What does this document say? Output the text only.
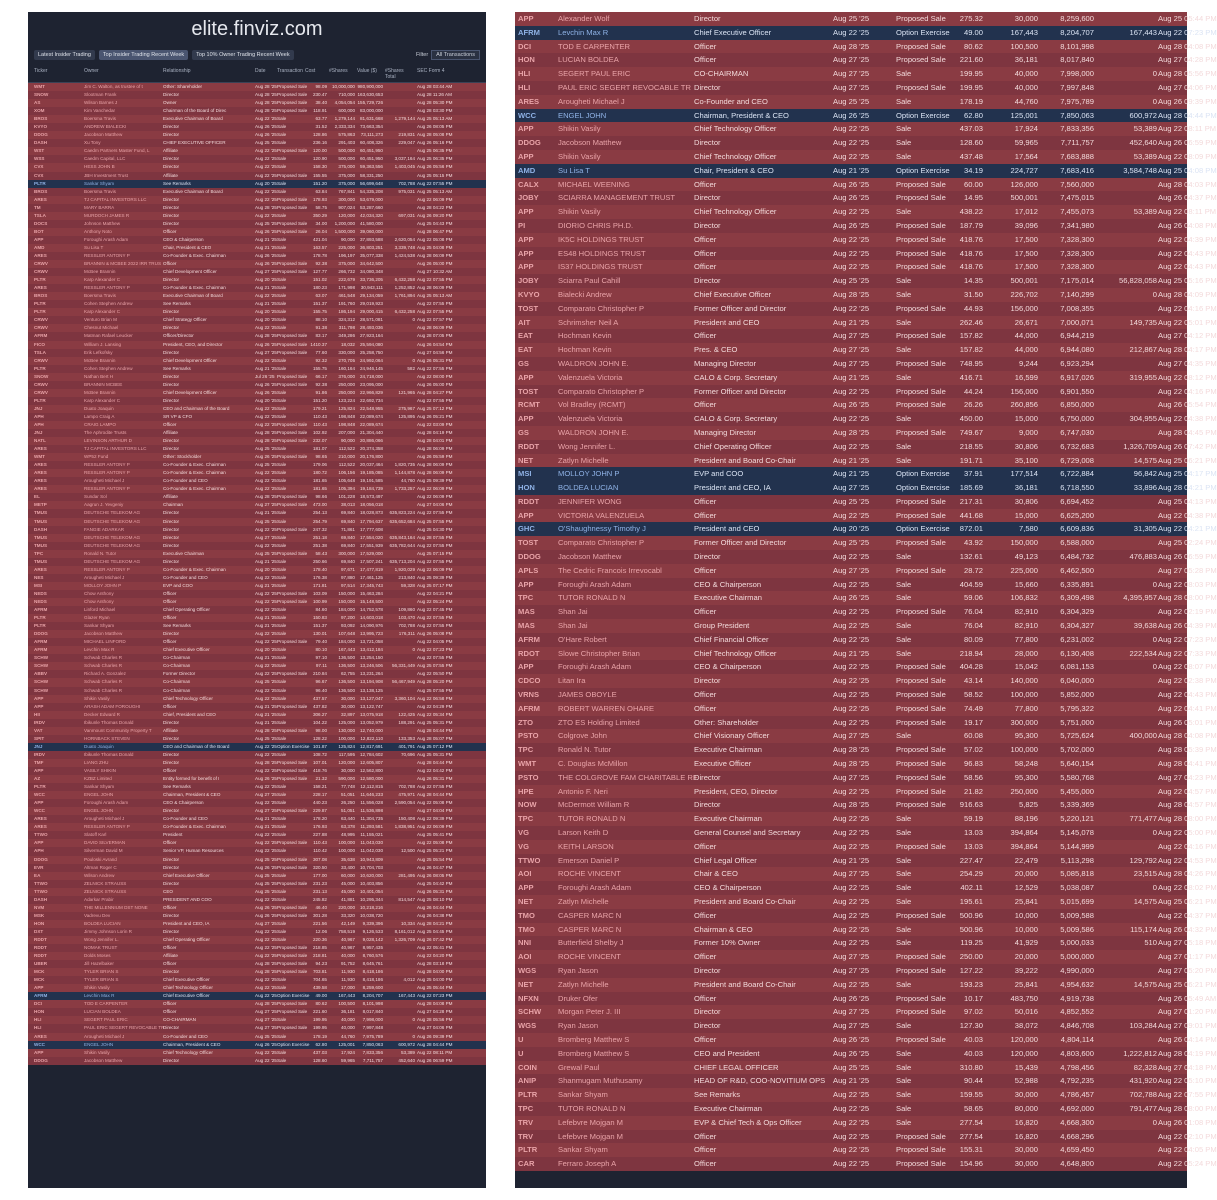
elite.finviz.com
Latest Insider Trading	Top Insider Trading Recent Week	Top 10% Owner Trading Recent Week	Filter	All Transactions
Ticker	Owner	Relationship	Date	Transaction Cost	#Shares	Value ($)	#Shares Total
SEC Form 4
WMT	Jim C. Walton, as trustee of t	Other: Shareholder	Aug 28 '25 Proposed Sale	98.09	10,000,000 980,900,000	Aug 28 03:44 AM
SNOW	Slootman Frank	Director	Aug 28 '25 Proposed Sale	230.47	710,000 163,630,653	Aug 28 11:26 AM
AS	Wilson Barnes J	Owner	Aug 28 '25 Proposed Sale	38.40	4,054,054 155,729,726	Aug 28 05:30 PM
XOM	Kim Vanchedar	Chairman of the Board of Direc	Aug 28 '25 Proposed Sale	118.91	600,000	83,000,000	Aug 28 03:30 PM
BROS	Boersma Travis	Executive Chairman of Board	Aug 22 '25 Sale	63.77	1,279,144	81,631,668	1,279,144 Aug 25 05:13 AM
KVYO	ANDREW BIALECKI	Director	Aug 26 '25 Sale	31.52	2,333,334	73,663,354	Aug 26 08:05 PM
DDOG	Jacobson Matthew	Director	Aug 26 '25 Sale	128.86	575,863	73,111,273	219,831 Aug 28 05:08 PM
DASH	Xu Tony	CHIEF EXECUTIVE OFFICER	Aug 25 '25 Sale	236.16	291,403	60,408,326	229,047 Aug 26 05:16 PM
WST	Caedm Partners Master Fund, L	Affiliate	Aug 22 '25 Proposed Sale	120.00	500,000	60,451,950	Aug 25 06:35 PM
WSS	Caedm Capital, LLC	Director	Aug 22 '25 Sale	120.90	500,000	60,451,950	3,037,164 Aug 25 06:35 PM
CVX	HESS JOHN B	Director	Aug 22 '25 Sale	158.30	375,000	59,363,556	1,403,045 Aug 26 05:56 PM
CVX	JBH Investment Trust	Affiliate	Aug 22 '25 Proposed Sale	155.55	375,000	58,331,250	Aug 25 05:15 PM
PLTR	Sankar Shyam	See Remarks	Aug 20 '25 Sale	151.20	375,000	56,699,648	702,788 Aug 22 07:55 PM
BROS	Boersma Travis	Executive Chairman of Board	Aug 22 '25 Sale	63.84	767,841	54,335,208	975,031 Aug 25 05:13 AM
ARES	TJ CAPITAL INVESTORS LLC	Director	Aug 22 '25 Proposed Sale	178.93	300,000	53,679,000	Aug 22 06:09 PM
TM	MARY BARRA	Director	Aug 28 '25 Proposed Sale	58.75	907,024	53,287,660	Aug 28 04:22 PM
TSLA	MURDOCH JAMES R	Director	Aug 22 '25 Sale	350.29	120,000	42,034,320	697,031 Aug 26 09:20 PM
DOCS	Johnson Matthew	Director	Aug 25 '25 Proposed Sale	34.00	1,200,000	41,580,000	Aug 25 04:43 PM
BOT	Anthony Noto	Officer	Aug 26 '25 Proposed Sale	26.04	1,500,000	39,060,000	Aug 28 06:47 PM
APP	Foroughi Arash Adam	CEO & Chairperson	Aug 21 '25 Sale	421.04	90,000	37,893,588	2,620,054 Aug 22 05:08 PM
AMD	Su Lisa T	Chair, President & CEO	Aug 21 '25 Sale	163.57	225,000	36,803,251	3,339,748 Aug 25 04:08 PM
ARES	RESSLER ANTONY P	Co-Founder & Exec. Chairman	Aug 26 '25 Sale	178.78	196,197	35,077,338	1,424,538 Aug 28 06:09 PM
CRWV	BRANNIN & MCBEE 2022 IRR TRUS Officer	Aug 26 '25 Proposed Sale	92.38	375,000	34,642,500	Aug 26 05:00 PM
CRWV	McBee Brannin	Chief Development Officer	Aug 27 '25 Proposed Sale	127.77	266,732	34,080,348	Aug 27 10:32 AM
PLTR	Karp Alexander C	Director	Aug 20 '25 Sale	151.02	222,679	33,736,205	6,432,258 Aug 22 07:55 PM
ARES	RESSLER ANTONY P	Co-Founder & Exec. Chairman	Aug 21 '25 Sale	180.23	171,998	30,943,111	1,252,852 Aug 28 06:09 PM
BROS	Boersma Travis	Executive Chairman of Board	Aug 22 '25 Sale	63.07	461,548	29,134,059	1,761,894 Aug 25 05:13 AM
PLTR	Cohen Stephen Andrew	See Remarks	Aug 21 '25 Sale	151.37	191,760	29,019,923	Aug 22 07:55 PM
PLTR	Karp Alexander C	Director	Aug 20 '25 Sale	155.75	186,194	29,000,415	6,432,258 Aug 22 07:55 PM
CRWV	Venturo Brian M	Chief Strategy Officer	Aug 20 '25 Sale	88.10	324,312	28,571,081	0 Aug 22 07:57 PM
CRWV	Chesnut Michael	Director	Aug 22 '25 Sale	91.38	311,798	28,493,036	Aug 28 06:09 PM
AFRM	Matman Rafael Leucker	Officer/Director	Aug 28 '25 Proposed Sale	83.17	349,286	27,923,164	Aug 28 07:05 PM
FICO	William J. Lansing	President, CEO, and Director	Aug 26 '25 Proposed Sale 1410.37	18,032	25,594,080	Aug 26 04:54 PM
TSLA	Erik Lefkofsky	Director	Aug 27 '25 Proposed Sale	77.60	330,000	25,258,750	Aug 27 04:56 PM
CRWV	McBee Brannin	Chief Development Officer	Aug 22 '25 Sale	92.32	270,705	24,992,064	0 Aug 26 05:31 PM
PLTR	Cohen Stephen Andrew	See Remarks	Aug 21 '25 Sale	155.75	160,164	24,946,145	582 Aug 22 07:55 PM
SNOW	Nathan Bert H	Director	Jul 26 '25 Proposed Sale	66.17	376,000	24,718,000	Aug 22 08:00 PM
CRWV	BRANNIN MCBEE	Director	Aug 26 '25 Proposed Sale	92.38	250,000	23,095,000	Aug 26 05:00 PM
CRWV	McBee Brannin	Chief Development Officer	Aug 26 '25 Sale	91.86	250,000	22,966,829	121,965 Aug 28 04:27 PM
PLTR	Karp Alexander C	Director	Aug 20 '25 Sale	151.20	123,224	22,692,734	Aug 22 07:55 PM
JNJ	Duato Joaquin	CEO and Chairman of the Board	Aug 22 '25 Sale	179.21	125,824	22,548,955	275,967 Aug 25 07:12 PM
APH	Lampo Craig A	SR VP & CFO	Aug 22 '25 Sale	110.43	198,848	22,089,674	125,895 Aug 26 05:21 PM
APH	CRAIG LAMPO	Officer	Aug 22 '25 Proposed Sale	110.43	198,848	22,089,674	Aug 22 03:09 PM
JNJ	The Aphrodite Trusts	Affiliate	Aug 28 '25 Proposed Sale	102.92	207,000	21,304,440	Aug 28 04:19 PM
NATL	LEVINSON ARTHUR D	Director	Aug 28 '25 Proposed Sale	232.07	90,000	20,886,066	Aug 28 04:01 PM
ARES	TJ CAPITAL INVESTORS LLC	Director	Aug 25 '25 Sale	181.07	112,522	20,374,358	Aug 28 06:09 PM
WMT	WP52 Fund	Other: Stockholder	Aug 26 '25 Proposed Sale	98.65	210,000	20,176,800	Aug 26 05:59 PM
ARES	RESSLER ANTONY P	Co-Founder & Exec. Chairman	Aug 25 '25 Sale	179.06	112,522	20,037,464	1,820,735 Aug 28 06:09 PM
ARES	RESSLER ANTONY P	Co-Founder & Exec. Chairman	Aug 22 '25 Sale	180.72	106,156	19,185,085	1,144,878 Aug 28 06:09 PM
ARES	Arougheti Michael J	Co-Founder and CEO	Aug 22 '25 Sale	181.65	105,648	19,191,585	44,760 Aug 25 09:39 PM
ARES	RESSLER ANTONY P	Co-Founder & Exec. Chairman	Aug 22 '25 Sale	181.65	105,394	19,184,739	1,733,257 Aug 22 06:09 PM
EL	Sundar Sol	Affiliate	Aug 28 '25 Proposed Sale	98.66	101,228	18,573,497	Aug 22 06:09 PM
METP	Aagrun J. Yevgeniy	Chairman	Aug 27 '25 Proposed Sale	473.00	38,013	18,056,018	Aug 27 04:06 PM
TMUS	DEUTSCHE TELEKOM AG	Director	Aug 21 '25 Sale	254.13	69,840	18,028,873	635,823,224 Aug 22 07:55 PM
TMUS	DEUTSCHE TELEKOM AG	Director	Aug 25 '25 Sale	254.79	69,840	17,794,637	635,652,684 Aug 25 07:55 PM
DASH	FANGIE ADARKAR	Director	Aug 22 '25 Proposed Sale	247.32	71,861	17,777,608	Aug 25 04:30 PM
TMUS	DEUTSCHE TELEKOM AG	Director	Aug 27 '25 Sale	251.18	69,840	17,554,020	635,843,164 Aug 28 07:55 PM
TMUS	DEUTSCHE TELEKOM AG	Director	Aug 22 '25 Sale	251.38	69,840	17,551,939	635,782,644 Aug 22 07:55 PM
TPC	Ronald N. Tutor	Executive Chairman	Aug 25 '25 Proposed Sale	58.43	300,000	17,529,000	Aug 25 07:15 PM
TMUS	DEUTSCHE TELEKOM AG	Director	Aug 21 '25 Sale	250.66	69,840	17,507,241	635,713,204 Aug 22 07:55 PM
ARES	RESSLER ANTONY P	Co-Founder & Exec. Chairman	Aug 20 '25 Sale	178.40	97,671	17,477,819	1,920,029 Aug 22 06:09 PM
NES	Arougheti Michael J	Co-Founder and CEO	Aug 22 '25 Sale	176.38	97,880	17,461,125	213,840 Aug 25 09:39 PM
MSI	MOLLOY JOHN P	EVP and COO	Aug 21 '25 Sale	171.81	97,514	17,345,743	59,328 Aug 25 07:17 PM
NEDS	Chow Anthony	Officer	Aug 22 '25 Proposed Sale	103.09	150,000	15,463,284	Aug 22 04:21 PM
NEDS	Chow Anthony	Officer	Aug 22 '25 Proposed Sale	100.99	150,000	15,148,500	Aug 22 05:24 PM
AFRM	Linford Michael	Chief Operating Officer	Aug 22 '25 Sale	84.60	184,000	14,752,578	109,860 Aug 22 07:45 PM
PLTR	Glazer Ryan	Officer	Aug 21 '25 Sale	150.83	97,200	14,603,018	103,470 Aug 22 07:55 PM
PLTR	Sankar Shyam	See Remarks	Aug 21 '25 Sale	151.37	93,092	14,090,976	702,788 Aug 22 07:55 PM
DDOG	Jacobson Matthew	Director	Aug 22 '25 Sale	130.01	107,648	13,995,723	176,311 Aug 26 05:08 PM
AFRM	MICHAEL LINFORD	Officer	Aug 22 '25 Proposed Sale	79.40	184,000	13,721,058	Aug 22 04:05 PM
AFRM	Levchin Max R	Chief Executive Officer	Aug 20 '25 Sale	80.10	167,443	13,412,184	0 Aug 22 07:23 PM
SCHW	Schwab Charles R	Co-Chairman	Aug 21 '25 Sale	97.10	136,500	13,254,150	Aug 22 07:55 PM
SCHW	Schwab Charles R	Co-Chairman	Aug 22 '25 Sale	97.11	136,500	13,246,506	56,331,449 Aug 25 07:55 PM
ABBV	Richard A. Gonzalez	Former Director	Aug 22 '25 Proposed Sale	210.84	62,755	13,231,264	Aug 22 05:50 PM
SCHW	Schwab Charles R	Co-Chairman	Aug 25 '25 Sale	96.67	136,500	13,194,908	56,467,949 Aug 28 05:20 PM
SCHW	Schwab Charles R	Co-Chairman	Aug 22 '25 Sale	96.40	136,500	13,138,125	Aug 25 07:55 PM
APP	Shikin Vasily	Chief Technology Officer	Aug 22 '25 Sale	437.57	30,000	13,127,047	3,360,104 Aug 22 06:58 PM
APP	ARASH ADAM FOROUGHI	Officer	Aug 21 '25 Proposed Sale	437.82	30,000	13,122,747	Aug 22 04:29 PM
HII	Decker Edward R	Chief, President and CEO	Aug 21 '25 Sale	306.27	32,897	13,075,918	122,425 Aug 22 05:34 PM
IRDV	Ibikunle Thomas Donald	Director	Aug 21 '25 Sale	104.22	125,000	13,052,979	188,291 Aug 25 05:31 PM
VAT	Vanmount Community Property T	Affiliate	Aug 28 '25 Proposed Sale	98.00	130,000	12,740,000	Aug 28 04:44 PM
SPIT	HORNBACK STEVEN	Director	Aug 25 '25 Sale	128.22	100,000	12,822,110	133,353 Aug 28 05:07 PM
JNJ	Duato Joaquin	CEO and Chairman of the Board	Aug 22 '25 Option Exercise 101.87	125,824	12,817,691	401,791 Aug 25 07:12 PM
IRDV	Ibikunle Thomas Donald	Director	Aug 22 '25 Sale	108.72	117,595	12,784,602	70,696 Aug 25 05:31 PM
TMF	LIANG ZHU	Director	Aug 28 '25 Proposed Sale	107.01	120,000	12,605,807	Aug 28 04:44 PM
APP	VASILY SHIKIN	Officer	Aug 22 '25 Proposed Sale	418.76	30,000	12,562,800	Aug 22 04:42 PM
AZ	KZBZ Limited	Entity formed for benefit of I	Aug 26 '25 Proposed Sale	21.32	590,000	12,580,000	Aug 26 05:31 PM
PLTR	Sankar Shyam	See Remarks	Aug 22 '25 Sale	158.21	77,748	12,112,815	702,788 Aug 22 07:55 PM
WCC	ENGEL JOHN	Chairman, President & CEO	Aug 27 '25 Sale	228.17	51,051	11,646,233	475,971 Aug 28 04:44 PM
APP	Foroughi Arash Adam	CEO & Chairperson	Aug 22 '25 Sale	440.23	26,250	11,556,028	2,590,054 Aug 22 05:08 PM
WCC	ENGEL JOHN	Director	Aug 27 '25 Proposed Sale	229.87	51,051	11,536,898	Aug 27 04:04 PM
ARES	Arougheti Michael J	Co-Founder and CEO	Aug 21 '25 Sale	178.20	63,440	11,304,735	150,408 Aug 22 09:39 PM
ARES	RESSLER ANTONY P	Co-Founder & Exec. Chairman	Aug 21 '25 Sale	176.93	63,378	11,293,581	1,838,951 Aug 22 06:09 PM
TTWO	Slatoff Karl	President	Aug 22 '25 Sale	227.88	48,995	11,155,021	Aug 25 05:41 PM
APP	DAVID SILVERMAN	Officer	Aug 22 '25 Proposed Sale	110.43	100,000	11,043,030	Aug 22 05:08 PM
APH	Silverman David M	Senior VP, Human Resources	Aug 22 '25 Sale	110.42	100,000	11,042,030	12,500 Aug 25 05:21 PM
DDOG	Pouloski Avrand	Director	Aug 25 '25 Proposed Sale	307.08	35,638	10,943,809	Aug 25 05:54 PM
EVR	Altman Roger C	Director	Aug 26 '25 Proposed Sale	320.50	33,400	10,704,703	Aug 26 04:47 PM
EA	Wilson Andrew	Chief Executive Officer	Aug 25 '25 Sale	177.00	60,000	10,620,000	281,495 Aug 26 08:05 PM
TTWO	ZELNICK STRAUSS	Director	Aug 25 '25 Proposed Sale	231.23	45,000	10,403,856	Aug 25 04:42 PM
TTWO	ZELNICK STRAUSS	CEO	Aug 25 '25 Sale	231.13	45,000	10,401,054	Aug 26 05:31 PM
DASH	Adarkar Prabir	PRESIDENT AND COO	Aug 22 '25 Sale	245.82	41,881	10,295,344	814,547 Aug 25 08:10 PM
NVM	THE MILLENNIUM DST NONE	Officer	Aug 26 '25 Proposed Sale	46.40	220,000	10,218,216	Aug 26 04:44 PM
MSK	Vadrevu Dev	Director	Aug 26 '25 Proposed Sale	301.28	33,320	10,038,720	Aug 26 04:38 PM
HON	BOLDEA LUCIAN	President and CEO, IA	Aug 27 '25 Sale	221.56	42,149	9,339,396	10,334 Aug 28 04:21 PM
DXT	Jimmy Johnson Lorin R	Director	Aug 22 '25 Sale	12.06	758,519	9,126,533	8,161,012 Aug 25 04:45 PM
RDDT	Wong Jennifer L.	Chief Operating Officer	Aug 22 '25 Sale	220.36	40,967	9,028,142	1,326,709 Aug 26 07:42 PM
RDDT	NOMAK TRUST	Officer	Aug 22 '25 Proposed Sale	218.85	40,967	8,957,435	Aug 22 05:41 PM
RDDT	Dolds Moses	Affiliate	Aug 22 '25 Proposed Sale	218.81	40,000	8,760,576	Aug 22 04:20 PM
UBER	Jill Hazelbaker	Officer	Aug 28 '25 Proposed Sale	94.23	91,752	8,645,761	Aug 28 03:18 PM
MCK	TYLER BRIAN S	Director	Aug 28 '25 Proposed Sale	703.81	11,930	8,418,186	Aug 28 04:00 PM
MCK	TYLER BRIAN S	Chief Executive Officer	Aug 22 '25 Sale	704.65	11,930	8,418,186	4,012 Aug 25 04:00 PM
APP	Shikin Vasily	Chief Technology Officer	Aug 22 '25 Sale	439.58	17,000	8,259,600	Aug 25 05:44 PM
AFRM	Levchin Max R	Chief Executive Officer	Aug 22 '25 Option Exercise	49.00	167,443	8,204,707	167,443 Aug 22 07:23 PM
DCI	TOD E CARPENTER	Officer	Aug 28 '25 Proposed Sale	80.62	100,500	8,101,998	Aug 28 04:08 PM
HON	LUCIAN BOLDEA	Officer	Aug 27 '25 Proposed Sale	221.60	36,181	8,017,840	Aug 27 04:28 PM
HLI	SEGERT PAUL ERIC	CO-CHAIRMAN	Aug 27 '25 Sale	199.95	40,000	7,998,000	0 Aug 28 05:56 PM
HLI	PAUL ERIC SEGERT REVOCABLE TR
Director	Aug 27 '25 Proposed Sale	199.95	40,000	7,997,848	Aug 27 04:06 PM
ARES	Arougheti Michael J	Co-Founder and CEO	Aug 25 '25 Sale	178.19	44,760	7,975,789	0 Aug 26 09:39 PM
WCC	ENGEL JOHN	Chairman, President & CEO	Aug 26 '25 Option Exercise	62.80	125,001	7,850,063	600,972 Aug 28 04:44 PM
APP	Shikin Vasily	Chief Technology Officer	Aug 22 '25 Sale	437.03	17,924	7,833,356	53,389 Aug 22 08:11 PM
DDOG	Jacobson Matthew	Director	Aug 22 '25 Sale	128.60	59,965	7,711,757	452,640 Aug 26 06:59 PM
APP	Alexander Wolf	Director	Aug 25 '25	Proposed Sale	275.32	30,000	8,259,600	Aug 25 05:44 PM
AFRM	Levchin Max R	Chief Executive Officer	Aug 22 '25	Option Exercise	49.00	167,443	8,204,707	167,443 Aug 22 07:23 PM
DCI	TOD E CARPENTER	Officer	Aug 28 '25	Proposed Sale	80.62	100,500	8,101,998	Aug 28 04:08 PM
HON	LUCIAN BOLDEA	Officer	Aug 27 '25	Proposed Sale	221.60	36,181	8,017,840	Aug 27 04:28 PM
HLI	SEGERT PAUL ERIC	CO-CHAIRMAN	Aug 27 '25	Sale	199.95	40,000	7,998,000	0 Aug 28 05:56 PM
HLI	PAUL ERIC SEGERT REVOCABLE TR Director	Aug 27 '25	Proposed Sale	199.95	40,000	7,997,848	Aug 27 04:06 PM
ARES	Arougheti Michael J	Co-Founder and CEO	Aug 25 '25	Sale	178.19	44,760	7,975,789	0 Aug 26 09:39 PM
WCC	ENGEL JOHN	Chairman, President & CEO	Aug 26 '25	Option Exercise	62.80	125,001	7,850,063	600,972 Aug 28 04:44 PM
APP	Shikin Vasily	Chief Technology Officer	Aug 22 '25	Sale	437.03	17,924	7,833,356	53,389 Aug 22 08:11 PM
DDOG	Jacobson Matthew	Director	Aug 22 '25	Sale	128.60	59,965	7,711,757	452,640 Aug 26 06:59 PM
APP	Shikin Vasily	Chief Technology Officer	Aug 22 '25	Sale	437.48	17,564	7,683,888	53,389 Aug 22 08:09 PM
AMD	Su Lisa T	Chair, President & CEO	Aug 21 '25	Option Exercise	34.19	224,727	7,683,416	3,584,748 Aug 25 04:08 PM
CALX	MICHAEL WEENING	Officer	Aug 26 '25	Proposed Sale	60.00	126,000	7,560,000	Aug 28 04:03 PM
JOBY	SCIARRA MANAGEMENT TRUST	Director	Aug 26 '25	Proposed Sale	14.95	500,001	7,475,015	Aug 26 04:37 PM
APP	Shikin Vasily	Chief Technology Officer	Aug 22 '25	Sale	438.22	17,012	7,455,073	53,389 Aug 22 08:11 PM
PI	DIORIO CHRIS PH.D.	Director	Aug 26 '25	Proposed Sale	187.79	39,096	7,341,980	Aug 26 04:08 PM
APP	IK5C HOLDINGS TRUST	Officer	Aug 22 '25	Proposed Sale	418.76	17,500	7,328,300	Aug 22 04:39 PM
APP	ES48 HOLDINGS TRUST	Officer	Aug 22 '25	Proposed Sale	418.76	17,500	7,328,300	Aug 22 04:43 PM
APP	IS37 HOLDINGS TRUST	Officer	Aug 22 '25	Proposed Sale	418.76	17,500	7,328,300	Aug 22 04:43 PM
JOBY	Sciarra Paul Cahill	Director	Aug 25 '25	Sale	14.35	500,001	7,175,014	56,828,058 Aug 25 05:16 PM
KVYO	Bialecki Andrew	Chief Executive Officer	Aug 28 '25	Sale	31.50	226,702	7,140,299	0 Aug 28 04:09 PM
TOST	Comparato Christopher P	Former Officer and Director	Aug 22 '25	Proposed Sale	44.93	156,000	7,008,355	Aug 22 04:16 PM
AIT	Schrimsher Neil A	President and CEO	Aug 21 '25	Sale	262.46	26,671	7,000,071	149,735 Aug 22 05:01 PM
EAT	Hochman Kevin	Officer	Aug 27 '25	Proposed Sale	157.82	44,000	6,944,219	Aug 27 04:12 PM
EAT	Hochman Kevin	Pres. & CEO	Aug 27 '25	Sale	157.82	44,000	6,944,080	212,867 Aug 28 04:17 PM
GS	WALDRON JOHN E.	Managing Director	Aug 27 '25	Proposed Sale	748.95	9,244	6,923,294	Aug 27 04:35 PM
APP	Valenzuela Victoria	CALO & Corp. Secretary	Aug 21 '25	Sale	416.71	16,599	6,917,026	319,955 Aug 22 08:12 PM
TOST	Comparato Christopher P	Former Officer and Director	Aug 22 '25	Proposed Sale	44.24	156,000	6,901,550	Aug 22 04:16 PM
RCMT	Vol Bradley (RCMT)	Officer	Aug 26 '25	Proposed Sale	26.26	260,856	6,850,000	Aug 26 05:54 PM
APP	Valenzuela Victoria	CALO & Corp. Secretary	Aug 22 '25	Sale	450.00	15,000	6,750,000	304,955 Aug 22 04:38 PM
GS	WALDRON JOHN E.	Managing Director	Aug 28 '25	Proposed Sale	749.67	9,000	6,747,030	Aug 28 04:45 PM
RDDT	Wong Jennifer L.	Chief Operating Officer	Aug 22 '25	Sale	218.55	30,806	6,732,683	1,326,709 Aug 26 07:42 PM
NET	Zatlyn Michelle	President and Board Co-Chair	Aug 21 '25	Sale	191.71	35,100	6,729,008	14,575 Aug 25 06:21 PM
MSI	MOLLOY JOHN P	EVP and COO	Aug 21 '25	Option Exercise	37.91	177,514	6,722,884	96,842 Aug 25 04:17 PM
HON	BOLDEA LUCIAN	President and CEO, IA	Aug 27 '25	Option Exercise	185.69	36,181	6,718,550	33,896 Aug 28 04:21 PM
RDDT	JENNIFER WONG	Officer	Aug 25 '25	Proposed Sale	217.31	30,806	6,694,452	Aug 25 04:13 PM
APP	VICTORIA VALENZUELA	Officer	Aug 22 '25	Proposed Sale	441.68	15,000	6,625,200	Aug 22 04:38 PM
GHC	O'Shaughnessy Timothy J	President and CEO	Aug 20 '25	Option Exercise	872.01	7,580	6,609,836	31,305 Aug 22 04:21 PM
TOST	Comparato Christopher P	Former Officer and Director	Aug 25 '25	Proposed Sale	43.92	150,000	6,588,000	Aug 25 02:24 PM
DDOG	Jacobson Matthew	Director	Aug 22 '25	Sale	132.61	49,123	6,484,732	476,883 Aug 26 06:59 PM
APLS	The Cedric Francois Irrevocabl	Officer	Aug 27 '25	Proposed Sale	28.72	225,000	6,462,500	Aug 27 05:28 PM
APP	Foroughi Arash Adam	CEO & Chairperson	Aug 22 '25	Sale	404.59	15,660	6,335,891	0 Aug 22 08:03 PM
TPC	TUTOR RONALD N	Executive Chairman	Aug 26 '25	Sale	59.06	106,832	6,309,498	4,395,957 Aug 28 08:00 PM
MAS	Shan Jai	Officer	Aug 22 '25	Proposed Sale	76.04	82,910	6,304,329	Aug 22 02:19 PM
MAS	Shan Jai	Group President	Aug 22 '25	Sale	76.04	82,910	6,304,327	39,638 Aug 26 04:39 PM
AFRM	O'Hare Robert	Chief Financial Officer	Aug 22 '25	Sale	80.09	77,800	6,231,002	0 Aug 22 07:23 PM
RDOT	Slowe Christopher Brian	Chief Technology Officer	Aug 21 '25	Sale	218.94	28,000	6,130,408	222,534 Aug 22 07:33 PM
APP	Foroughi Arash Adam	CEO & Chairperson	Aug 22 '25	Proposed Sale	404.28	15,042	6,081,153	0 Aug 22 08:07 PM
CDCO	Litan Ira	Director	Aug 22 '25	Proposed Sale	43.14	140,000	6,040,000	Aug 22 02:38 PM
VRNS	JAMES OBOYLE	Officer	Aug 22 '25	Proposed Sale	58.52	100,000	5,852,000	Aug 22 04:43 PM
AFRM	ROBERT WARREN OHARE	Officer	Aug 22 '25	Proposed Sale	74.49	77,800	5,795,322	Aug 22 04:41 PM
ZTO	ZTO ES Holding Limited	Other: Shareholder	Aug 22 '25	Proposed Sale	19.17	300,000	5,751,000	Aug 26 05:01 PM
PSTO	Colgrove John	Chief Visionary Officer	Aug 27 '25	Sale	60.08	95,300	5,725,624	400,000 Aug 28 04:08 PM
TPC	Ronald N. Tutor	Executive Chairman	Aug 28 '25	Proposed Sale	57.02	100,000	5,702,000	Aug 28 05:39 PM
WMT	C. Douglas McMillon	Executive Officer	Aug 28 '25	Proposed Sale	96.83	58,248	5,640,154	Aug 28 04:41 PM
PSTO	THE COLGROVE FAM CHARITABLE RE
Director	Aug 27 '25	Proposed Sale	58.56	95,300	5,580,768	Aug 27 04:23 PM
HPE	Antonio F. Neri	President, CEO, Director	Aug 22 '25	Proposed Sale	21.82	250,000	5,455,000	Aug 22 04:57 PM
NOW	McDermott William R	Director	Aug 28 '25	Proposed Sale	916.63	5,825	5,339,369	Aug 28 04:57 PM
TPC	TUTOR RONALD N	Executive Chairman	Aug 22 '25	Sale	59.19	88,196	5,220,121	771,477 Aug 28 08:00 PM
VG	Larson Keith D	General Counsel and Secretary	Aug 22 '25	Sale	13.03	394,864	5,145,078	0 Aug 22 05:00 PM
VG	KEITH LARSON	Officer	Aug 22 '25	Proposed Sale	13.03	394,864	5,144,999	Aug 22 04:16 PM
TTWO	Emerson Daniel P	Chief Legal Officer	Aug 21 '25	Sale	227.47	22,479	5,113,298	129,792 Aug 22 04:53 PM
AOI	ROCHE VINCENT	Chair & CEO	Aug 27 '25	Sale	254.29	20,000	5,085,818	23,515 Aug 28 04:26 PM
APP	Foroughi Arash Adam	CEO & Chairperson	Aug 22 '25	Sale	402.11	12,529	5,038,087	0 Aug 22 08:02 PM
NET	Zatlyn Michelle	President and Board Co-Chair	Aug 22 '25	Sale	195.61	25,841	5,015,699	14,575 Aug 25 06:21 PM
TMO	CASPER MARC N	Officer	Aug 22 '25	Proposed Sale	500.96	10,000	5,009,588	Aug 22 04:37 PM
TMO	CASPER MARC N	Chairman & CEO	Aug 22 '25	Sale	500.96	10,000	5,009,586	115,174 Aug 26 04:32 PM
NNI	Butterfield Shelby J	Former 10% Owner	Aug 22 '25	Sale	119.25	41,929	5,000,033	510 Aug 27 05:18 PM
AOI	ROCHE VINCENT	Officer	Aug 27 '25	Proposed Sale	250.00	20,000	5,000,000	Aug 27 01:17 PM
WGS	Ryan Jason	Director	Aug 27 '25	Proposed Sale	127.22	39,222	4,990,000	Aug 27 05:20 PM
NET	Zatlyn Michelle	President and Board Co-Chair	Aug 22 '25	Sale	193.23	25,841	4,954,632	14,575 Aug 25 06:21 PM
NFXN	Druker Ofer	Officer	Aug 26 '25	Proposed Sale	10.17	483,750	4,919,738	Aug 26 05:49 AM
SCHW	Morgan Peter J. III	Director	Aug 27 '25	Proposed Sale	97.02	50,016	4,852,552	Aug 27 01:20 PM
WGS	Ryan Jason	Director	Aug 27 '25	Sale	127.30	38,072	4,846,708	103,284 Aug 27 09:01 PM
U	Bromberg Matthew S	Officer	Aug 26 '25	Proposed Sale	40.03	120,000	4,804,114	Aug 26 04:14 PM
U	Bromberg Matthew S	CEO and President	Aug 26 '25	Sale	40.03	120,000	4,803,600	1,222,812 Aug 28 04:19 PM
COIN	Grewal Paul	CHIEF LEGAL OFFICER	Aug 25 '25	Sale	310.80	15,439	4,798,456	82,328 Aug 27 04:18 PM
ANIP	Shanmugam Muthusamy	HEAD OF R&D, COO-NOVITIUM OPS	Aug 21 '25	Sale	90.44	52,988	4,792,235	431,920 Aug 22 05:10 PM
PLTR	Sankar Shyam	See Remarks	Aug 22 '25	Sale	159.55	30,000	4,786,457	702,788 Aug 22 07:55 PM
TPC	TUTOR RONALD N	Executive Chairman	Aug 22 '25	Sale	58.65	80,000	4,692,000	791,477 Aug 28 08:00 PM
TRV	Lefebvre Mojgan M	EVP & Chief Tech & Ops Officer	Aug 22 '25	Sale	277.54	16,820	4,668,300	0 Aug 26 01:08 PM
TRV	Lefebvre Mojgan M	Officer	Aug 22 '25	Proposed Sale	277.54	16,820	4,668,296	Aug 22 02:10 PM
PLTR	Sankar Shyam	Officer	Aug 22 '25	Proposed Sale	155.31	30,000	4,659,450	Aug 22 04:05 PM
CAR	Ferraro Joseph A	Officer	Aug 22 '25	Proposed Sale	154.96	30,000	4,648,800	Aug 22 05:24 PM
